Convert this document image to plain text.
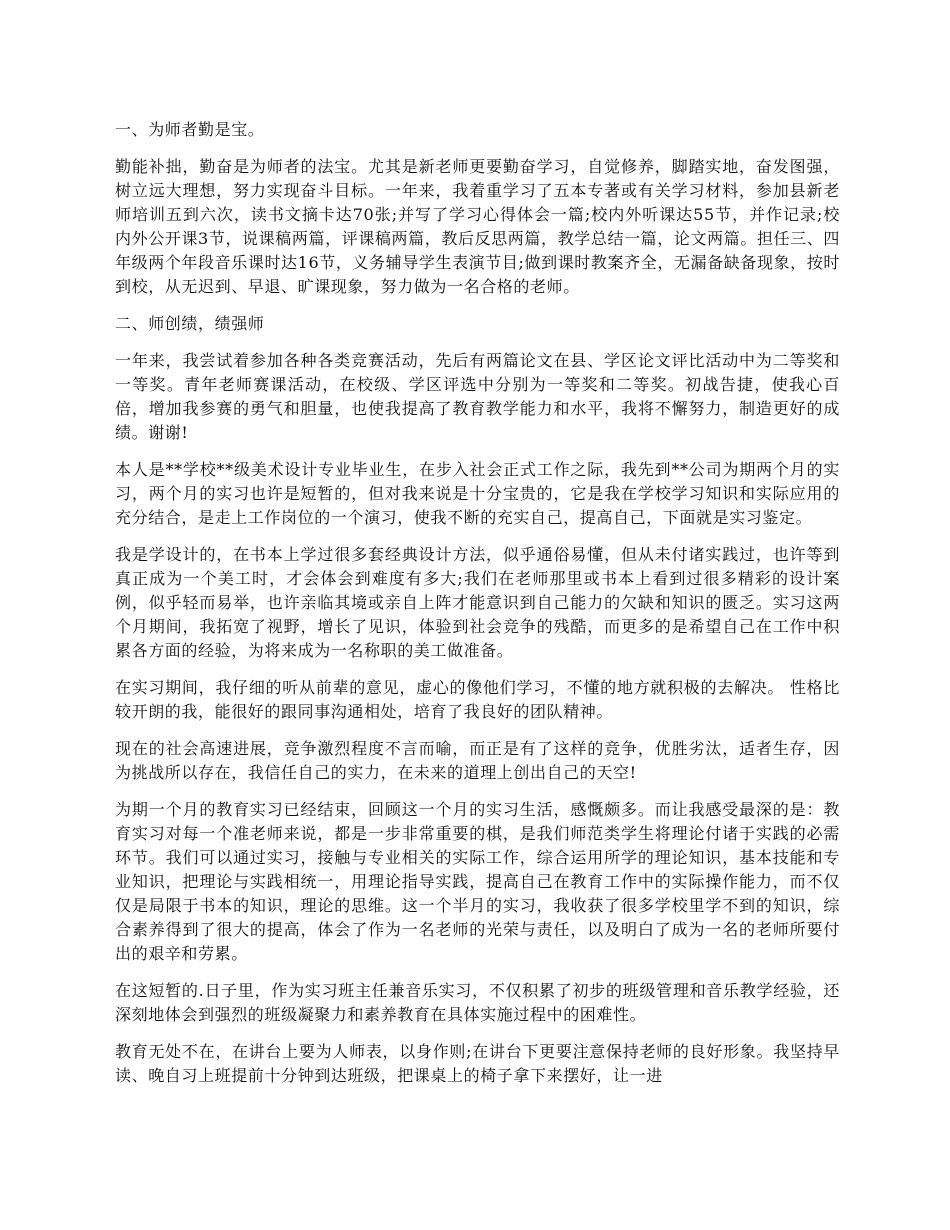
一、为师者勤是宝。

勤能补拙，勤奋是为师者的法宝。尤其是新老师更要勤奋学习，自觉修养，脚踏实地，奋发图强，树立远大理想，努力实现奋斗目标。一年来，我着重学习了五本专著或有关学习材料，参加县新老师培训五到六次，读书文摘卡达70张;并写了学习心得体会一篇;校内外听课达55节，并作记录;校内外公开课3节，说课稿两篇，评课稿两篇，教后反思两篇，教学总结一篇，论文两篇。担任三、四年级两个年段音乐课时达16节，义务辅导学生表演节目;做到课时教案齐全，无漏备缺备现象，按时到校，从无迟到、早退、旷课现象，努力做为一名合格的老师。

二、师创绩，绩强师

一年来，我尝试着参加各种各类竞赛活动，先后有两篇论文在县、学区论文评比活动中为二等奖和一等奖。青年老师赛课活动，在校级、学区评选中分别为一等奖和二等奖。初战告捷，使我心百倍，增加我参赛的勇气和胆量，也使我提高了教育教学能力和水平，我将不懈努力，制造更好的成绩。谢谢!

本人是**学校**级美术设计专业毕业生，在步入社会正式工作之际，我先到**公司为期两个月的实习，两个月的实习也许是短暂的，但对我来说是十分宝贵的，它是我在学校学习知识和实际应用的充分结合，是走上工作岗位的一个演习，使我不断的充实自己，提高自己，下面就是实习鉴定。

我是学设计的，在书本上学过很多套经典设计方法，似乎通俗易懂，但从未付诸实践过，也许等到真正成为一个美工时，才会体会到难度有多大;我们在老师那里或书本上看到过很多精彩的设计案例，似乎轻而易举，也许亲临其境或亲自上阵才能意识到自己能力的欠缺和知识的匮乏。实习这两个月期间，我拓宽了视野，增长了见识，体验到社会竞争的残酷，而更多的是希望自己在工作中积累各方面的经验，为将来成为一名称职的美工做准备。

在实习期间，我仔细的听从前辈的意见，虚心的像他们学习，不懂的地方就积极的去解决。 性格比较开朗的我，能很好的跟同事沟通相处，培育了我良好的团队精神。

现在的社会高速进展，竞争激烈程度不言而喻，而正是有了这样的竞争，优胜劣汰，适者生存，因为挑战所以存在，我信任自己的实力，在未来的道理上创出自己的天空!

为期一个月的教育实习已经结束，回顾这一个月的实习生活，感慨颇多。而让我感受最深的是：教育实习对每一个准老师来说，都是一步非常重要的棋，是我们师范类学生将理论付诸于实践的必需环节。我们可以通过实习，接触与专业相关的实际工作，综合运用所学的理论知识，基本技能和专业知识，把理论与实践相统一，用理论指导实践，提高自己在教育工作中的实际操作能力，而不仅仅是局限于书本的知识，理论的思维。这一个半月的实习，我收获了很多学校里学不到的知识，综合素养得到了很大的提高，体会了作为一名老师的光荣与责任，以及明白了成为一名的老师所要付出的艰辛和劳累。

在这短暂的.日子里，作为实习班主任兼音乐实习，不仅积累了初步的班级管理和音乐教学经验，还深刻地体会到强烈的班级凝聚力和素养教育在具体实施过程中的困难性。

教育无处不在，在讲台上要为人师表，以身作则;在讲台下更要注意保持老师的良好形象。我坚持早读、晚自习上班提前十分钟到达班级，把课桌上的椅子拿下来摆好，让一进
